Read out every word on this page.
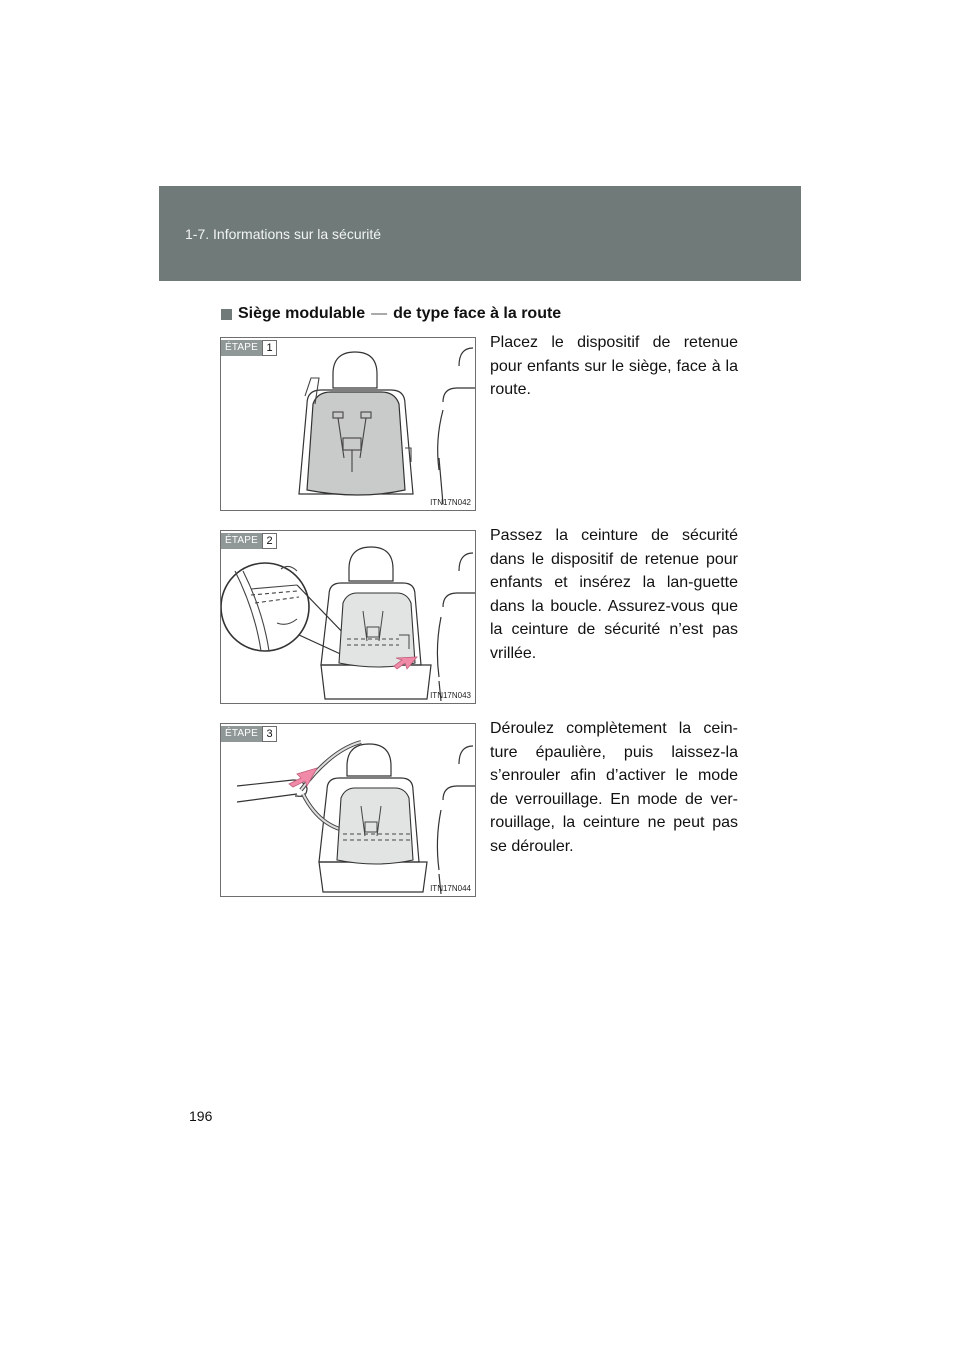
1-7. Informations sur la sécurité
Siège modulable — de type face à la route
ÉTAPE 1
ITN17N042
Placez le dispositif de retenue pour enfants sur le siège, face à la route.
ÉTAPE 2
ITN17N043
Passez la ceinture de sécurité dans le dispositif de retenue pour enfants et insérez la lan-guette dans la boucle. Assurez-vous que la ceinture de sécurité n’est pas vrillée.
ÉTAPE 3
ITN17N044
Déroulez complètement la cein-ture épaulière, puis laissez-la s’enrouler afin d’activer le mode de verrouillage. En mode de ver-rouillage, la ceinture ne peut pas se dérouler.
196
